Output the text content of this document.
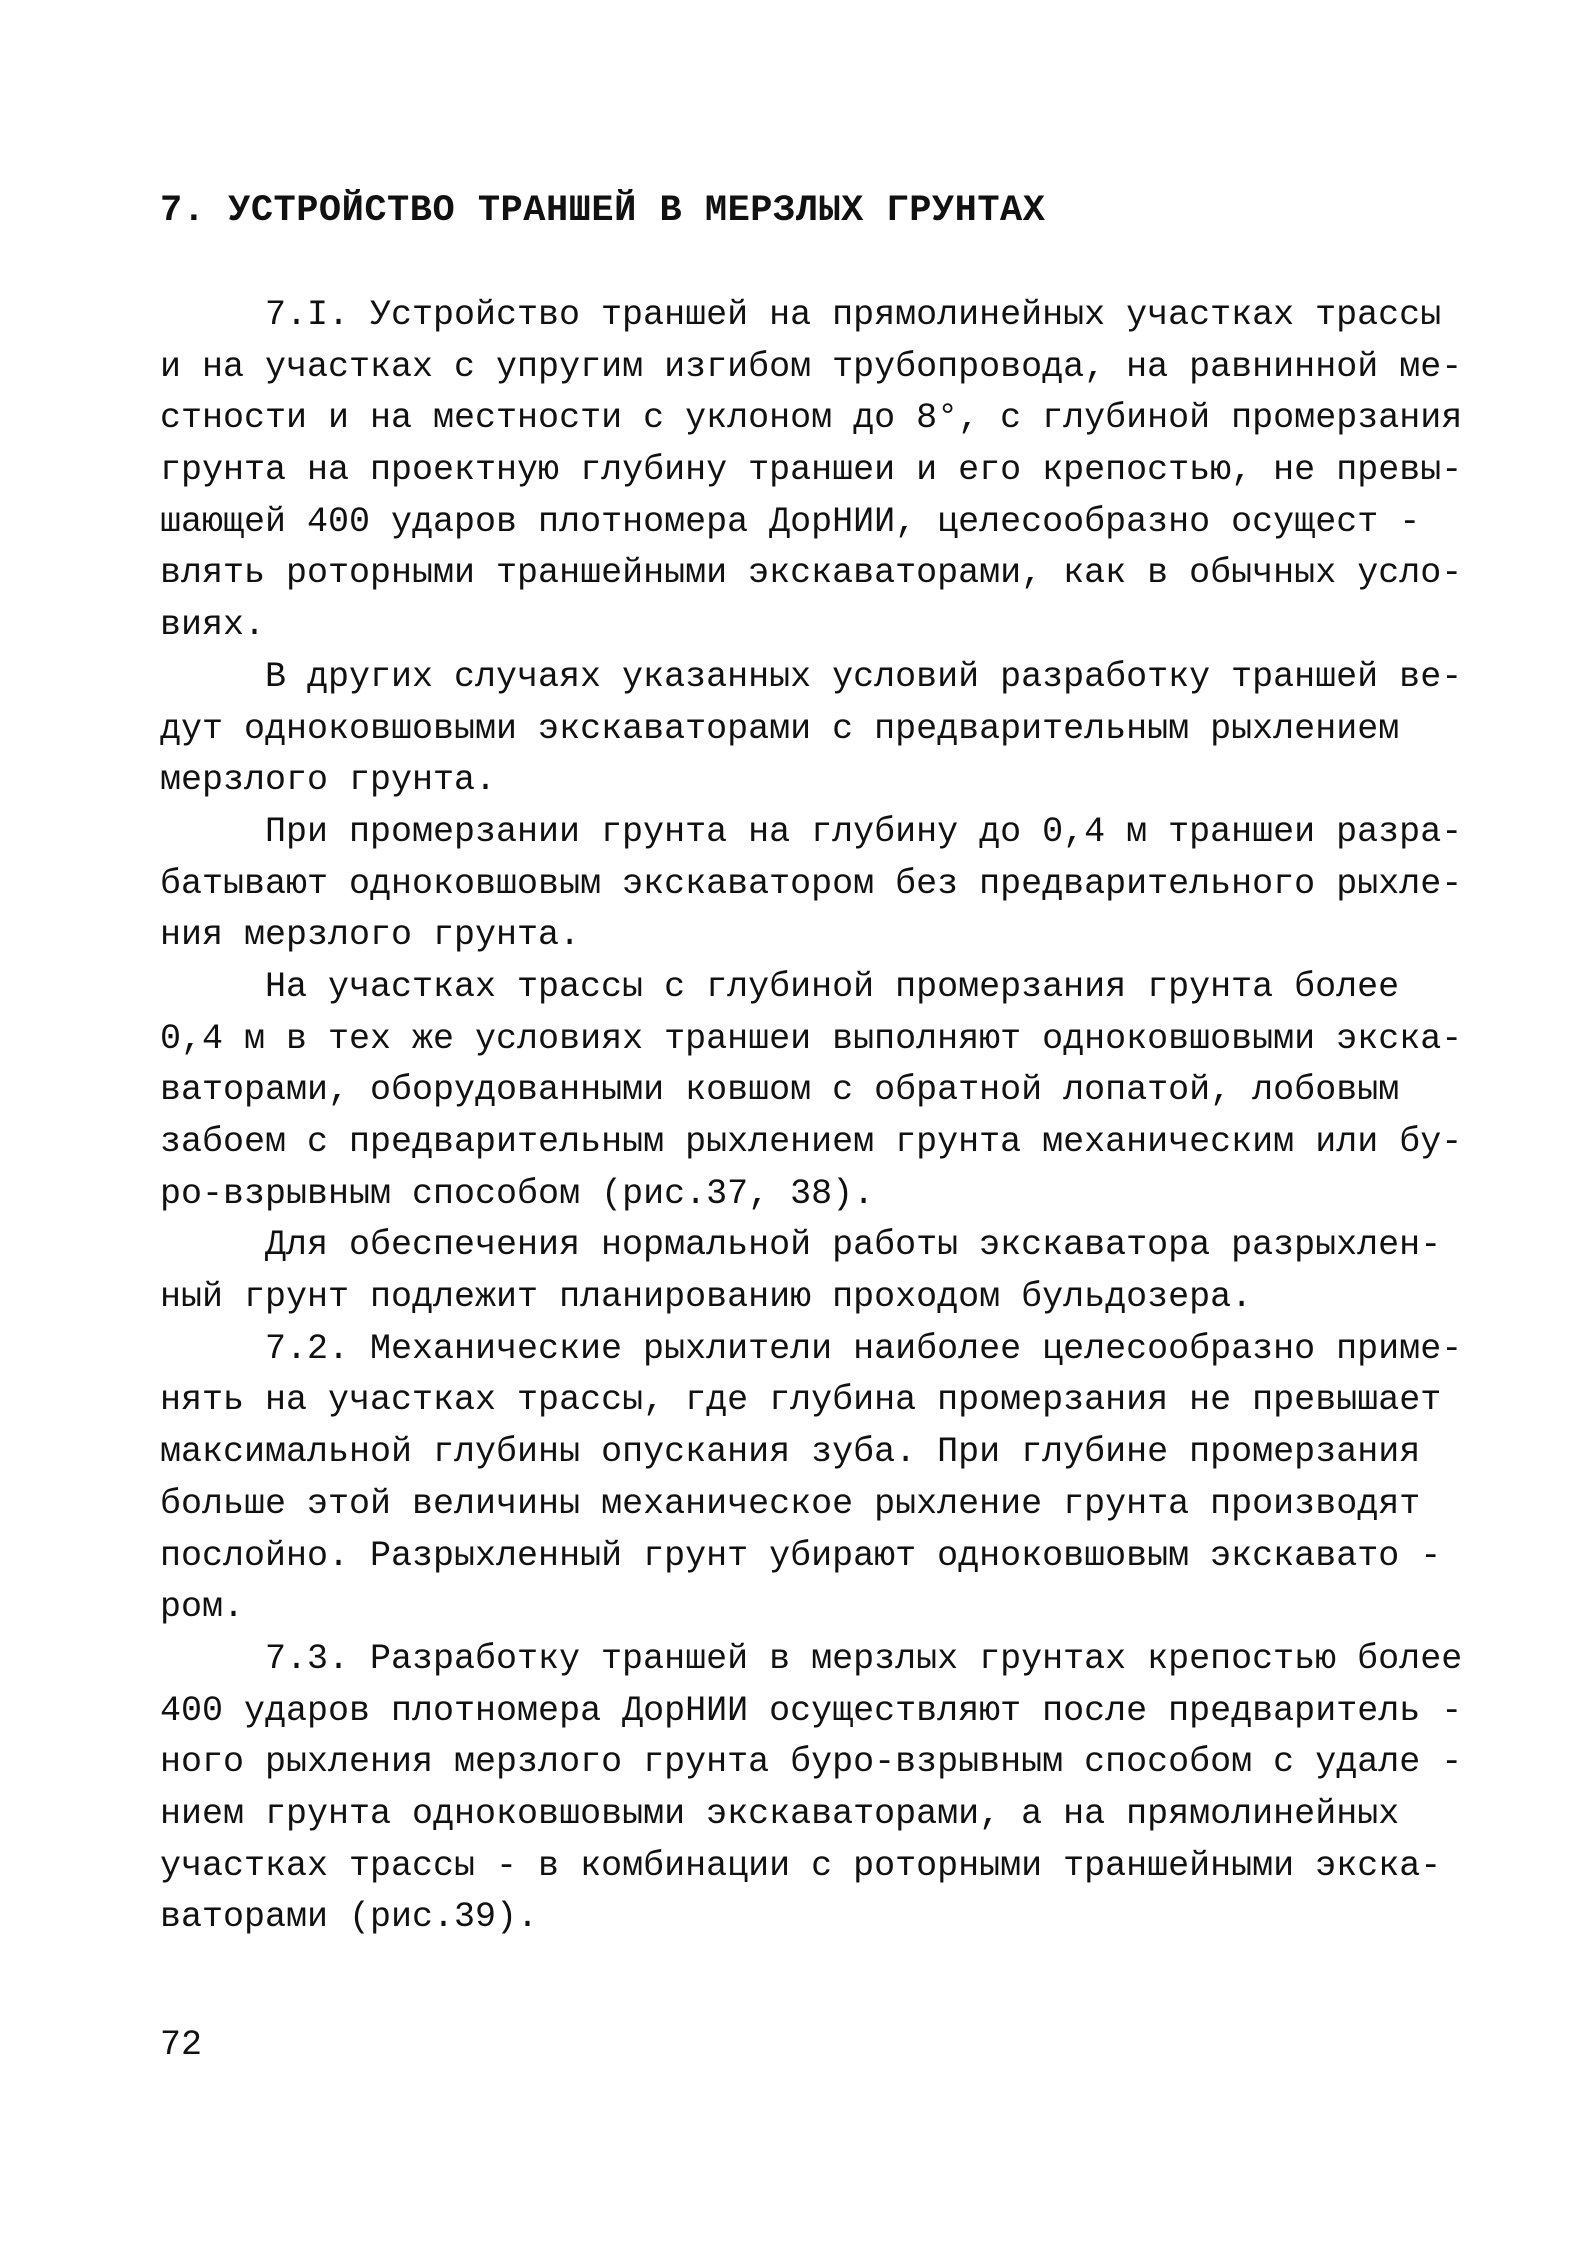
7. УСТРОЙСТВО ТРАНШЕЙ В МЕРЗЛЫХ ГРУНТАХ
7.I. Устройство траншей на прямолинейных участках трассы
и на участках с упругим изгибом трубопровода, на равнинной ме-
стности и на местности с уклоном до 8°, с глубиной промерзания
грунта на проектную глубину траншеи и его крепостью, не превы-
шающей 400 ударов плотномера ДорНИИ, целесообразно осущест -
влять роторными траншейными экскаваторами, как в обычных усло-
виях.
В других случаях указанных условий разработку траншей ве-
дут одноковшовыми экскаваторами с предварительным рыхлением
мерзлого грунта.
При промерзании грунта на глубину до 0,4 м траншеи разра-
батывают одноковшовым экскаватором без предварительного рыхле-
ния мерзлого грунта.
На участках трассы с глубиной промерзания грунта более
0,4 м в тех же условиях траншеи выполняют одноковшовыми экска-
ваторами, оборудованными ковшом с обратной лопатой, лобовым
забоем с предварительным рыхлением грунта механическим или бу-
ро-взрывным способом (рис.37, 38).
Для обеспечения нормальной работы экскаватора разрыхлен-
ный грунт подлежит планированию проходом бульдозера.
7.2. Механические рыхлители наиболее целесообразно приме-
нять на участках трассы, где глубина промерзания не превышает
максимальной глубины опускания зуба. При глубине промерзания
больше этой величины механическое рыхление грунта производят
послойно. Разрыхленный грунт убирают одноковшовым экскавато -
ром.
7.3. Разработку траншей в мерзлых грунтах крепостью более
400 ударов плотномера ДорНИИ осуществляют после предваритель -
ного рыхления мерзлого грунта буро-взрывным способом с удале -
нием грунта одноковшовыми экскаваторами, а на прямолинейных
участках трассы - в комбинации с роторными траншейными экска-
ваторами (рис.39).
72
